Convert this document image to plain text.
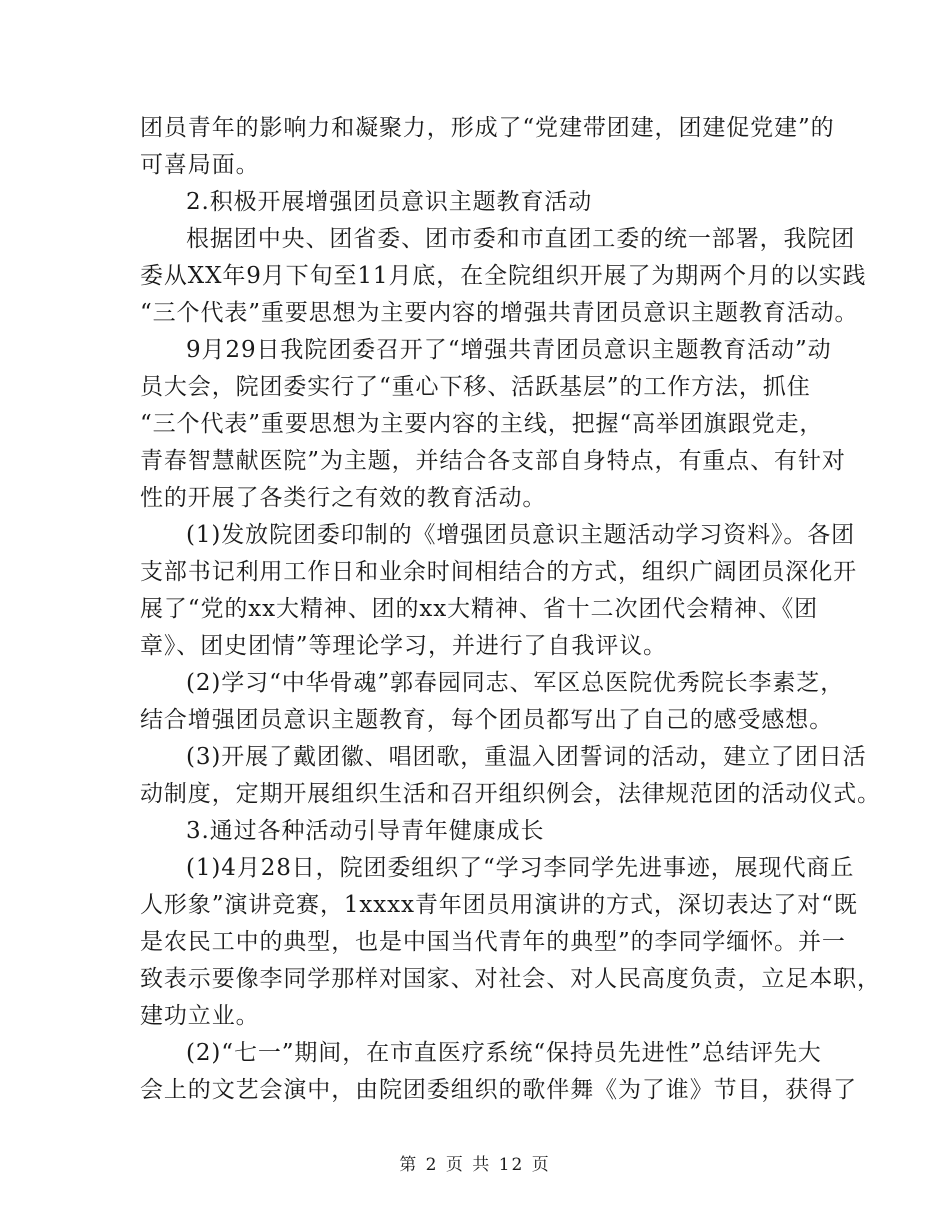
团员青年的影响力和凝聚力，形成了“党建带团建，团建促党建”的
可喜局面。
2.积极开展增强团员意识主题教育活动
根据团中央、团省委、团市委和市直团工委的统一部署，我院团
委从XX年9月下旬至11月底，在全院组织开展了为期两个月的以实践
“三个代表”重要思想为主要内容的增强共青团员意识主题教育活动。
9月29日我院团委召开了“增强共青团员意识主题教育活动”动
员大会，院团委实行了“重心下移、活跃基层”的工作方法，抓住
“三个代表”重要思想为主要内容的主线，把握“高举团旗跟党走，
青春智慧献医院”为主题，并结合各支部自身特点，有重点、有针对
性的开展了各类行之有效的教育活动。
(1)发放院团委印制的《增强团员意识主题活动学习资料》。各团
支部书记利用工作日和业余时间相结合的方式，组织广阔团员深化开
展了“党的xx大精神、团的xx大精神、省十二次团代会精神、《团
章》、团史团情”等理论学习，并进行了自我评议。
(2)学习“中华骨魂”郭春园同志、军区总医院优秀院长李素芝，
结合增强团员意识主题教育，每个团员都写出了自己的感受感想。
(3)开展了戴团徽、唱团歌，重温入团誓词的活动，建立了团日活
动制度，定期开展组织生活和召开组织例会，法律规范团的活动仪式。
3.通过各种活动引导青年健康成长
(1)4月28日，院团委组织了“学习李同学先进事迹，展现代商丘
人形象”演讲竞赛，1xxxx青年团员用演讲的方式，深切表达了对“既
是农民工中的典型，也是中国当代青年的典型”的李同学缅怀。并一
致表示要像李同学那样对国家、对社会、对人民高度负责，立足本职，
建功立业。
(2)“七一”期间，在市直医疗系统“保持员先进性”总结评先大
会上的文艺会演中，由院团委组织的歌伴舞《为了谁》节目，获得了
第 2 页 共 12 页
